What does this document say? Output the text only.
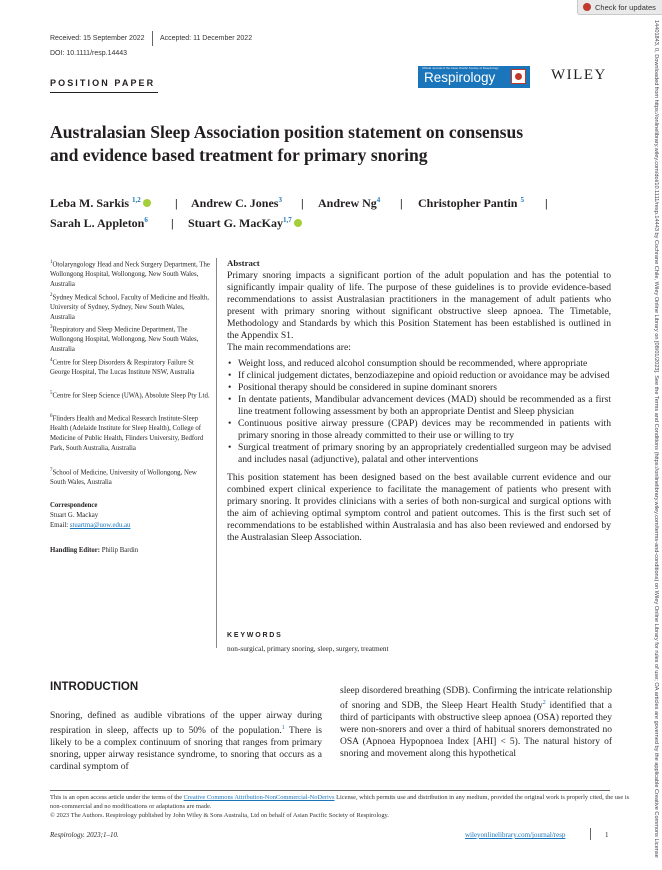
Check for updates
14401843, 0, Downloaded from https://onlinelibrary.wiley.com/doi/10.1111/resp.14443 by Cochrane Chile, Wiley Online Library on [08/01/2023]. See the Terms and Conditions (https://onlinelibrary.wiley.com/terms-and-conditions) on Wiley Online Library for rules of use; OA articles are governed by the applicable Creative Commons License
Received: 15 September 2022 Accepted: 11 December 2022
DOI: 10.1111/resp.14443
POSITION PAPER
Official Journal of the Asian Pacific Society of Respirology
Respirology	WILEY
Australasian Sleep Association position statement on consensus
and evidence based treatment for primary snoring
Leba M. Sarkis $^{1,2}$	| Andrew C. Jones$^3$ | Andrew Ng$^4$ | Christopher Pantin $^5$ |
Sarah L. Appleton$^6$ | Stuart G. MacKay$^{1,7}$
$^1$Otolaryngology Head and Neck Surgery Department, The Wollongong Hospital, Wollongong, New South Wales, Australia
$^2$Sydney Medical School, Faculty of Medicine and Health, University of Sydney, Sydney, New South Wales, Australia
$^3$Respiratory and Sleep Medicine Department, The Wollongong Hospital, Wollongong, New South Wales, Australia
$^4$Centre for Sleep Disorders & Respiratory Failure St George Hospital, The Lucas Institute NSW, Australia
$^5$Centre for Sleep Science (UWA), Absolute Sleep Pty Ltd.
$^6$Flinders Health and Medical Research Institute-Sleep Health (Adelaide Institute for Sleep Health), College of Medicine of Public Health, Flinders University, Bedford Park, South Australia, Australia
$^7$School of Medicine, University of Wollongong, New South Wales, Australia
Correspondence
Stuart G. Mackay
Email: stuartma@uow.edu.au
Handling Editor: Philip Bardin
Abstract
Primary snoring impacts a significant portion of the adult population and has the potential to significantly impair quality of life. The purpose of these guidelines is to provide evidence-based recommendations to assist Australasian practitioners in the management of adult patients who present with primary snoring without significant obstructive sleep apnoea. The Timetable, Methodology and Standards by which this Position Statement has been established is outlined in the Appendix S1.
The main recommendations are:
• Weight loss, and reduced alcohol consumption should be recommended, where appropriate
• If clinical judgement dictates, benzodiazepine and opioid reduction or avoidance may be advised
• Positional therapy should be considered in supine dominant snorers
• In dentate patients, Mandibular advancement devices (MAD) should be recommended as a first line treatment following assessment by both an appropriate Dentist and Sleep physician
• Continuous positive airway pressure (CPAP) devices may be recommended in patients with primary snoring in those already committed to their use or willing to try
• Surgical treatment of primary snoring by an appropriately credentialled surgeon may be advised and includes nasal (adjunctive), palatal and other interventions
This position statement has been designed based on the best available current evidence and our combined expert clinical experience to facilitate the management of patients who present with primary snoring. It provides clinicians with a series of both non-surgical and surgical options with the aim of achieving optimal symptom control and patient outcomes. This is the first such set of recommendations to be established within Australasia and has also been reviewed and endorsed by the Australasian Sleep Association.
KEYWORDS
non-surgical, primary snoring, sleep, surgery, treatment
INTRODUCTION
Snoring, defined as audible vibrations of the upper airway during respiration in sleep, affects up to 50% of the population.$^1$ There is likely to be a complex continuum of snoring that ranges from primary snoring, upper airway resistance syndrome, to snoring that occurs as a cardinal symptom of
sleep disordered breathing (SDB). Confirming the intricate relationship of snoring and SDB, the Sleep Heart Health Study$^2$ identified that a third of participants with obstructive sleep apnoea (OSA) reported they were non-snorers and over a third of habitual snorers demonstrated no OSA (Apnoea Hypopnoea Index [AHI] < 5). The natural history of snoring and movement along this hypothetical
This is an open access article under the terms of the Creative Commons Attribution-NonCommercial-NoDerivs License, which permits use and distribution in any medium, provided the original work is properly cited, the use is non-commercial and no modifications or adaptations are made.
© 2023 The Authors. Respirology published by John Wiley & Sons Australia, Ltd on behalf of Asian Pacific Society of Respirology.
Respirology. 2023;1–10.	wileyonlinelibrary.com/journal/resp	1
